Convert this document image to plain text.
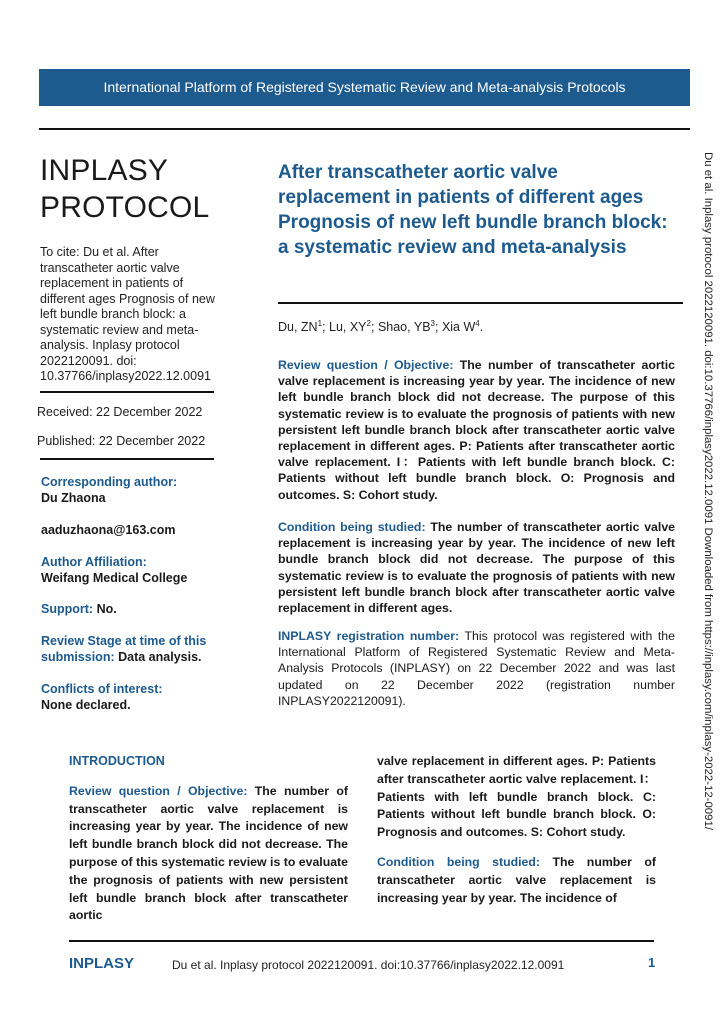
International Platform of Registered Systematic Review and Meta-analysis Protocols

INPLASY
PROTOCOL

To cite: Du et al. After transcatheter aortic valve replacement in patients of different ages Prognosis of new left bundle branch block: a systematic review and meta-analysis. Inplasy protocol 2022120091. doi: 10.37766/inplasy2022.12.0091
Received: 22 December 2022
Published: 22 December 2022
Corresponding author:
Du Zhaona
aaduzhaona@163.com
Author Affiliation:
Weifang Medical College
Support: No.
Review Stage at time of this submission: Data analysis.
Conflicts of interest:
None declared.
After transcatheter aortic valve replacement in patients of different ages Prognosis of new left bundle branch block: a systematic review and meta-analysis
Du, $ZN^1$; Lu, $XY^2$; Shao, $YB^3$; Xia $W^4$.
Review question / Objective: The number of transcatheter aortic valve replacement is increasing year by year. The incidence of new left bundle branch block did not decrease. The purpose of this systematic review is to evaluate the prognosis of patients with new persistent left bundle branch block after transcatheter aortic valve replacement in different ages. P: Patients after transcatheter aortic valve replacement. I：Patients with left bundle branch block. C: Patients without left bundle branch block. O: Prognosis and outcomes. S: Cohort study.
Condition being studied: The number of transcatheter aortic valve replacement is increasing year by year. The incidence of new left bundle branch block did not decrease. The purpose of this systematic review is to evaluate the prognosis of patients with new persistent left bundle branch block after transcatheter aortic valve replacement in different ages.
INPLASY registration number: This protocol was registered with the International Platform of Registered Systematic Review and Meta-Analysis Protocols (INPLASY) on 22 December 2022 and was last updated on 22 December 2022 (registration number INPLASY2022120091).
INTRODUCTION
Review question / Objective: The number of transcatheter aortic valve replacement is increasing year by year. The incidence of new left bundle branch block did not decrease. The purpose of this systematic review is to evaluate the prognosis of patients with new persistent left bundle branch block after transcatheter aortic
valve replacement in different ages. P: Patients after transcatheter aortic valve replacement. I：Patients with left bundle branch block. C: Patients without left bundle branch block. O: Prognosis and outcomes. S: Cohort study.
Condition being studied: The number of transcatheter aortic valve replacement is increasing year by year. The incidence of
Du et al. Inplasy protocol 2022120091. doi:10.37766/inplasy2022.12.0091 Downloaded from https://inplasy.com/inplasy-2022-12-0091/
INPLASY	Du et al. Inplasy protocol 2022120091. doi:10.37766/inplasy2022.12.0091	1
